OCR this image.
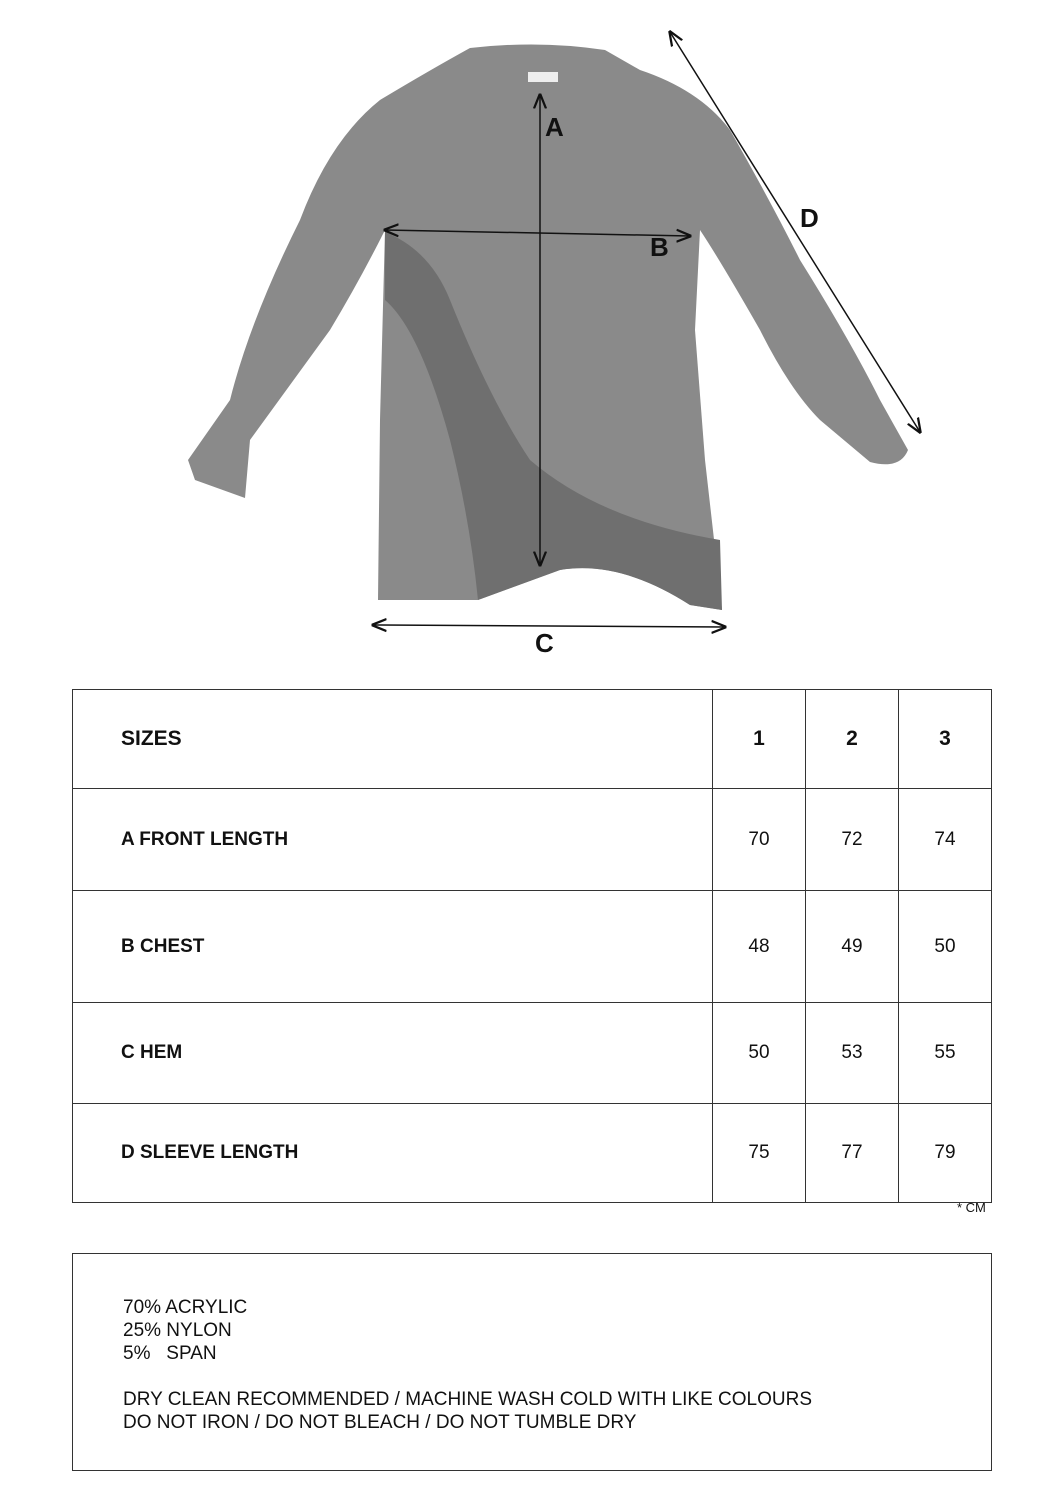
A
B
C
D
SIZES	1	2	3
A FRONT LENGTH	70	72	74
B CHEST	48	49	50
C HEM	50	53	55
D SLEEVE LENGTH	75	77	79
* CM
70% ACRYLIC
25% NYLON
5%   SPAN
DRY CLEAN RECOMMENDED / MACHINE WASH COLD WITH LIKE COLOURS
DO NOT IRON / DO NOT BLEACH / DO NOT TUMBLE DRY
